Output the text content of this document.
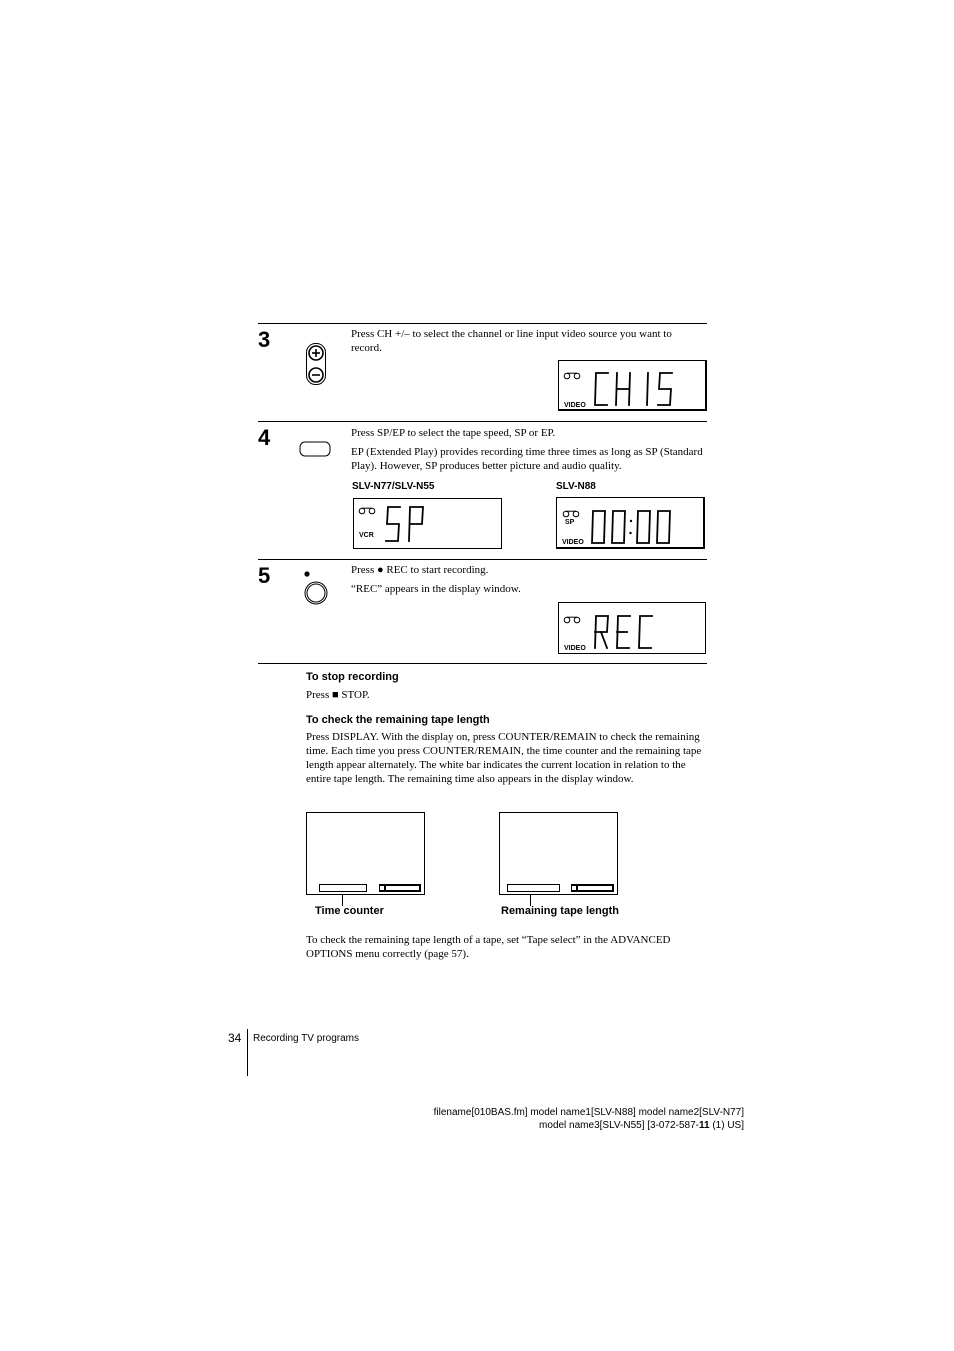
3	Press CH +/– to select the channel or line input video source you want to record.
VIDEO
4	Press SP/EP to select the tape speed, SP or EP.
EP (Extended Play) provides recording time three times as long as SP (Standard Play). However, SP produces better picture and audio quality.
SLV-N77/SLV-N55	SLV-N88
VCR
SP
VIDEO
5	Press ● REC to start recording.
“REC” appears in the display window.
VIDEO
To stop recording
Press ■ STOP.
To check the remaining tape length
Press DISPLAY. With the display on, press COUNTER/REMAIN to check the remaining time. Each time you press COUNTER/REMAIN, the time counter and the remaining tape length appear alternately. The white bar indicates the current location in relation to the entire tape length. The remaining time also appears in the display window.
Time counter	Remaining tape length
To check the remaining tape length of a tape, set “Tape select” in the ADVANCED OPTIONS menu correctly (page 57).
34 Recording TV programs
filename[010BAS.fm] model name1[SLV-N88] model name2[SLV-N77]
model name3[SLV-N55] [3-072-587-11 (1) US]
